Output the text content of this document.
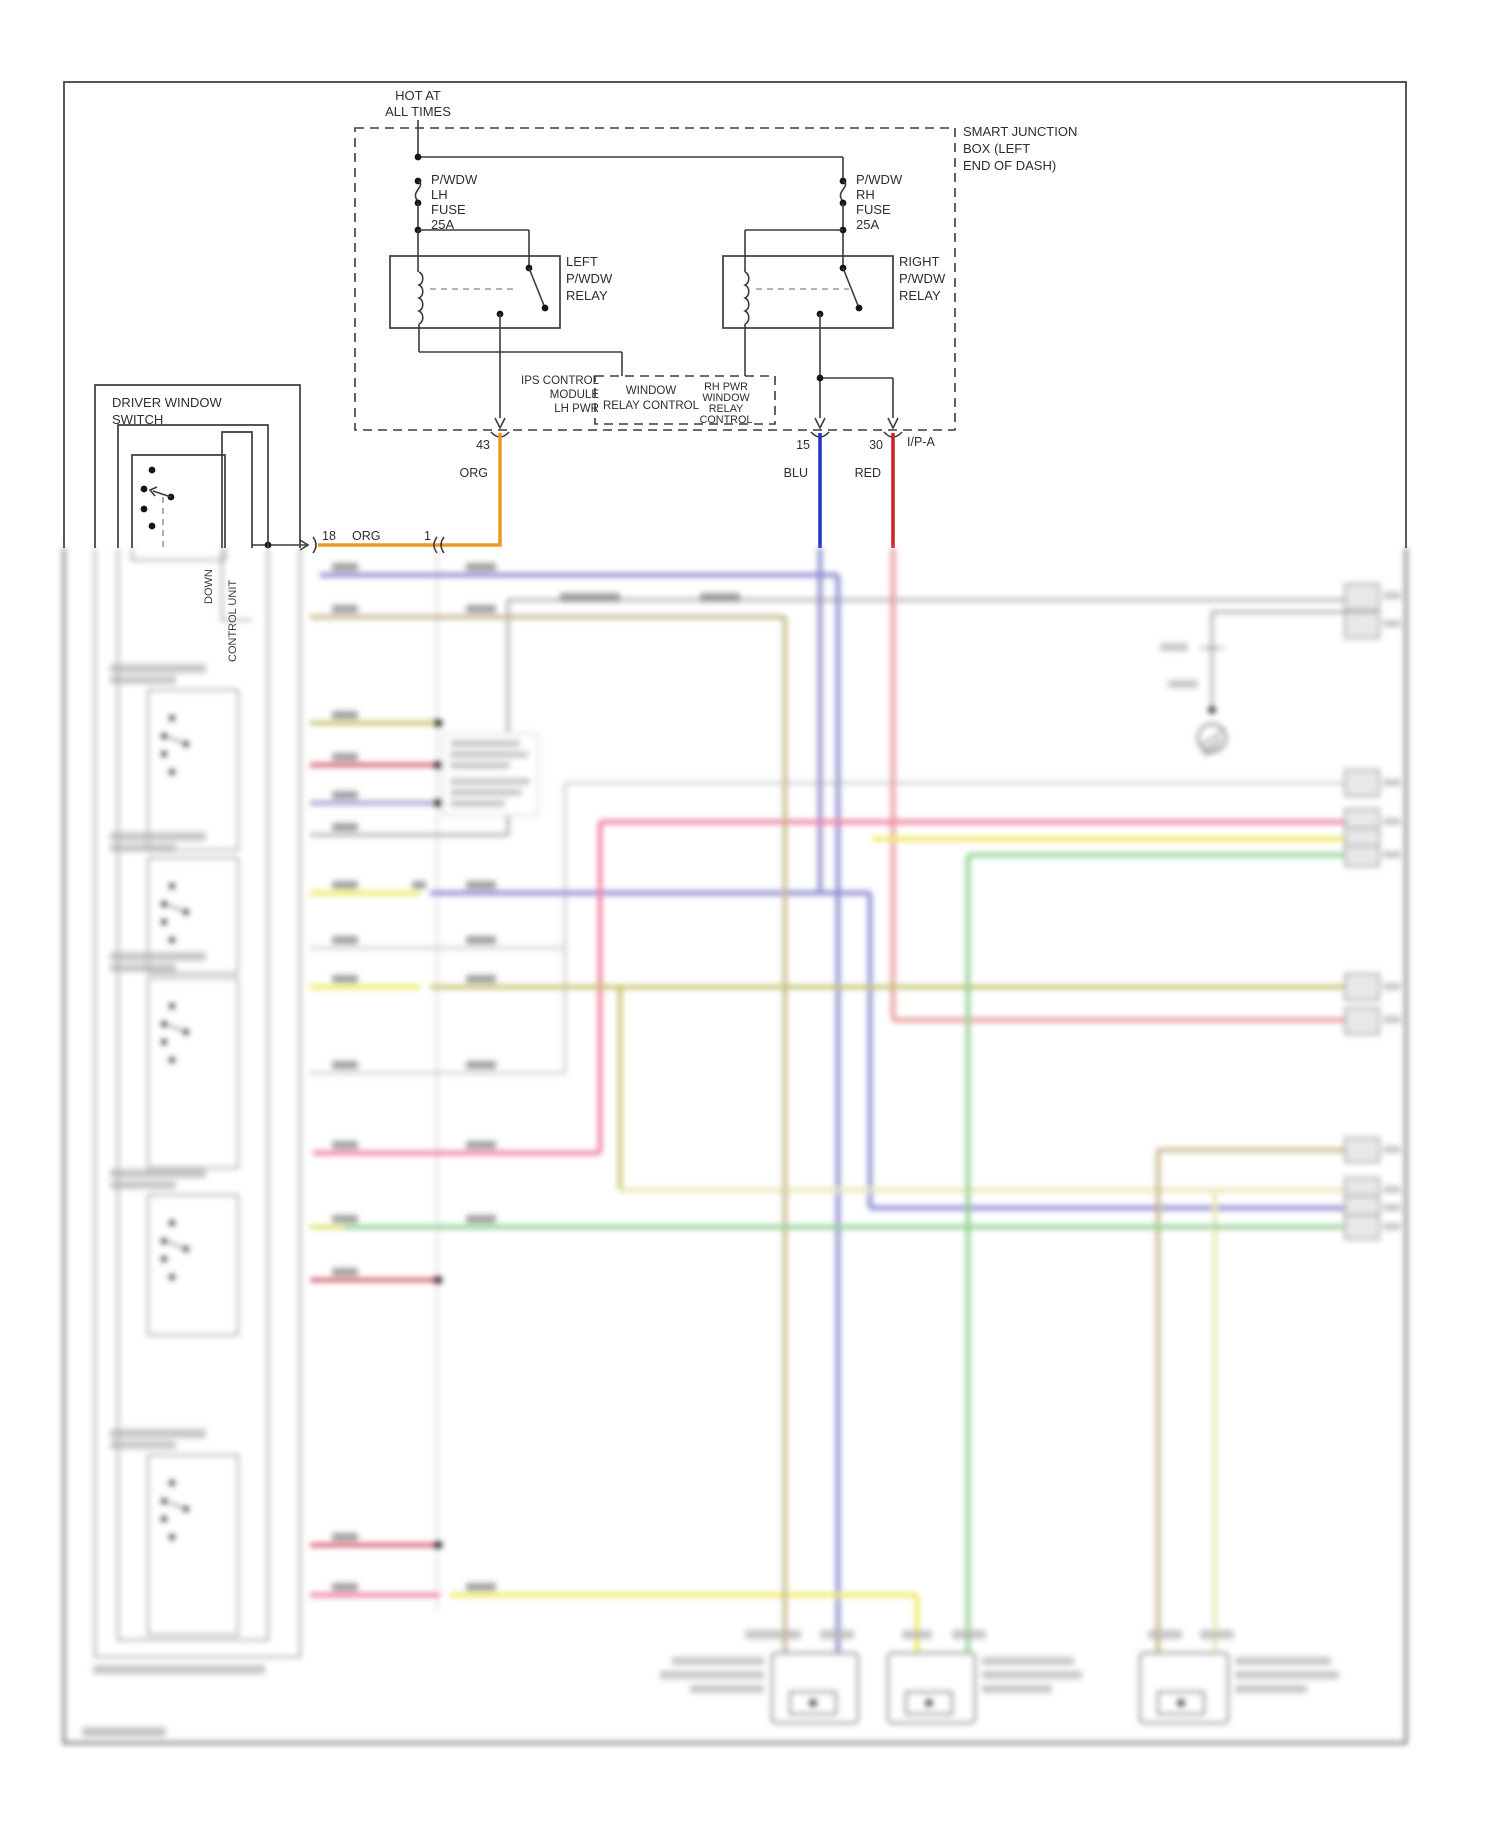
HOT AT
ALL TIMES
SMART JUNCTION
BOX (LEFT
END OF DASH)
P/WDW
LH
FUSE
25A
P/WDW
RH
FUSE
25A
LEFT
P/WDW
RELAY
RIGHT
P/WDW
RELAY
WINDOW
RELAY CONTROL
RH PWR
WINDOW
RELAY
CONTROL
IPS CONTROL
MODULE
LH PWR
43	15	30 I/P-A
ORG	BLU	RED
18 ORG	1
DRIVER WINDOW
SWITCH
DOWN CONTROL UNIT
